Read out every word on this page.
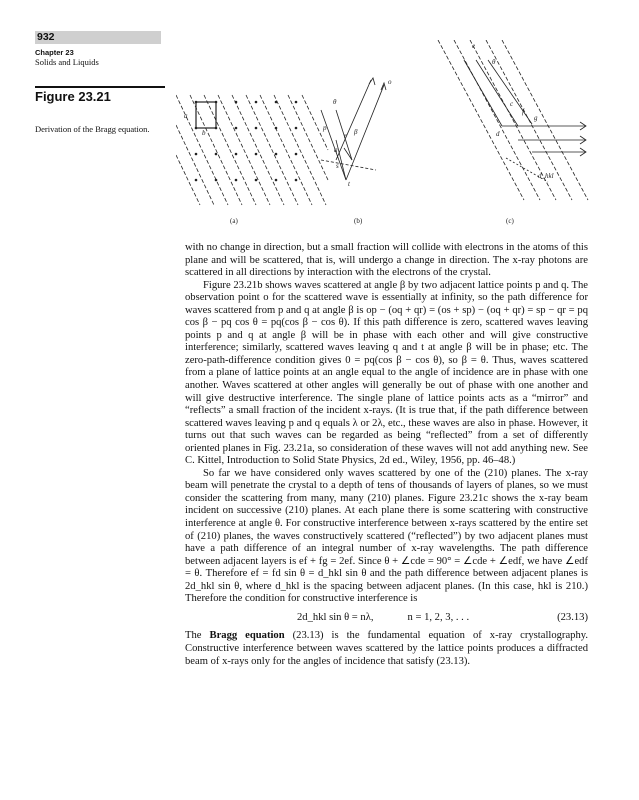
932
Chapter 23
Solids and Liquids
Figure 23.21
Derivation of the Bragg equation.
a
b
θ
p	β
r
q
s
t
o
e
θ
c
f
g
d
d_hkl
(a)	(b)	(c)

with no change in direction, but a small fraction will collide with electrons in the atoms of this plane and will be scattered, that is, will undergo a change in direction. The x-ray photons are scattered in all directions by interaction with the electrons of the crystal.

Figure 23.21b shows waves scattered at angle β by two adjacent lattice points p and q. The observation point o for the scattered wave is essentially at infinity, so the path difference for waves scattered from p and q at angle β is op − (oq + qr) = (os + sp) − (oq + qr) = sp − qr = pq cos β − pq cos θ = pq(cos β − cos θ). If this path difference is zero, scattered waves leaving points p and q at angle β will be in phase with each other and will give constructive interference; similarly, scattered waves leaving q and t at angle β will be in phase; etc. The zero-path-difference condition gives 0 = pq(cos β − cos θ), so β = θ. Thus, waves scattered from a plane of lattice points at an angle equal to the angle of incidence are in phase with one another. Waves scattered at other angles will generally be out of phase with one another and will give destructive interference. The single plane of lattice points acts as a “mirror” and “reflects” a small fraction of the incident x-rays. (It is true that, if the path difference between scattered waves leaving p and q equals λ or 2λ, etc., these waves are also in phase. However, it turns out that such waves can be regarded as being “reflected” from a set of differently oriented planes in Fig. 23.21a, so consideration of these waves will not add anything new. See C. Kittel, Introduction to Solid State Physics, 2d ed., Wiley, 1956, pp. 46–48.)

So far we have considered only waves scattered by one of the (210) planes. The x-ray beam will penetrate the crystal to a depth of tens of thousands of layers of planes, so we must consider the scattering from many, many (210) planes. Figure 23.21c shows the x-ray beam incident on successive (210) planes. At each plane there is some scattering with constructive interference at angle θ. For constructive interference between x-rays scattered by the entire set of (210) planes, the waves constructively scattered (“reflected”) by two adjacent planes must have a path difference of an integral number of x-ray wavelengths. The path difference between adjacent layers is ef + fg = 2ef. Since θ + ∠cde = 90° = ∠cde + ∠edf, we have ∠edf = θ. Therefore ef = fd sin θ = d_hkl sin θ and the path difference between adjacent planes is 2d_hkl sin θ, where d_hkl is the spacing between adjacent planes. (In this case, hkl is 210.) Therefore the condition for constructive interference is

2d_hkl sin θ = nλ,	n = 1, 2, 3, . . .	(23.13)

The Bragg equation (23.13) is the fundamental equation of x-ray crystallography. Constructive interference between waves scattered by the lattice points produces a diffracted beam of x-rays only for the angles of incidence that satisfy (23.13).
